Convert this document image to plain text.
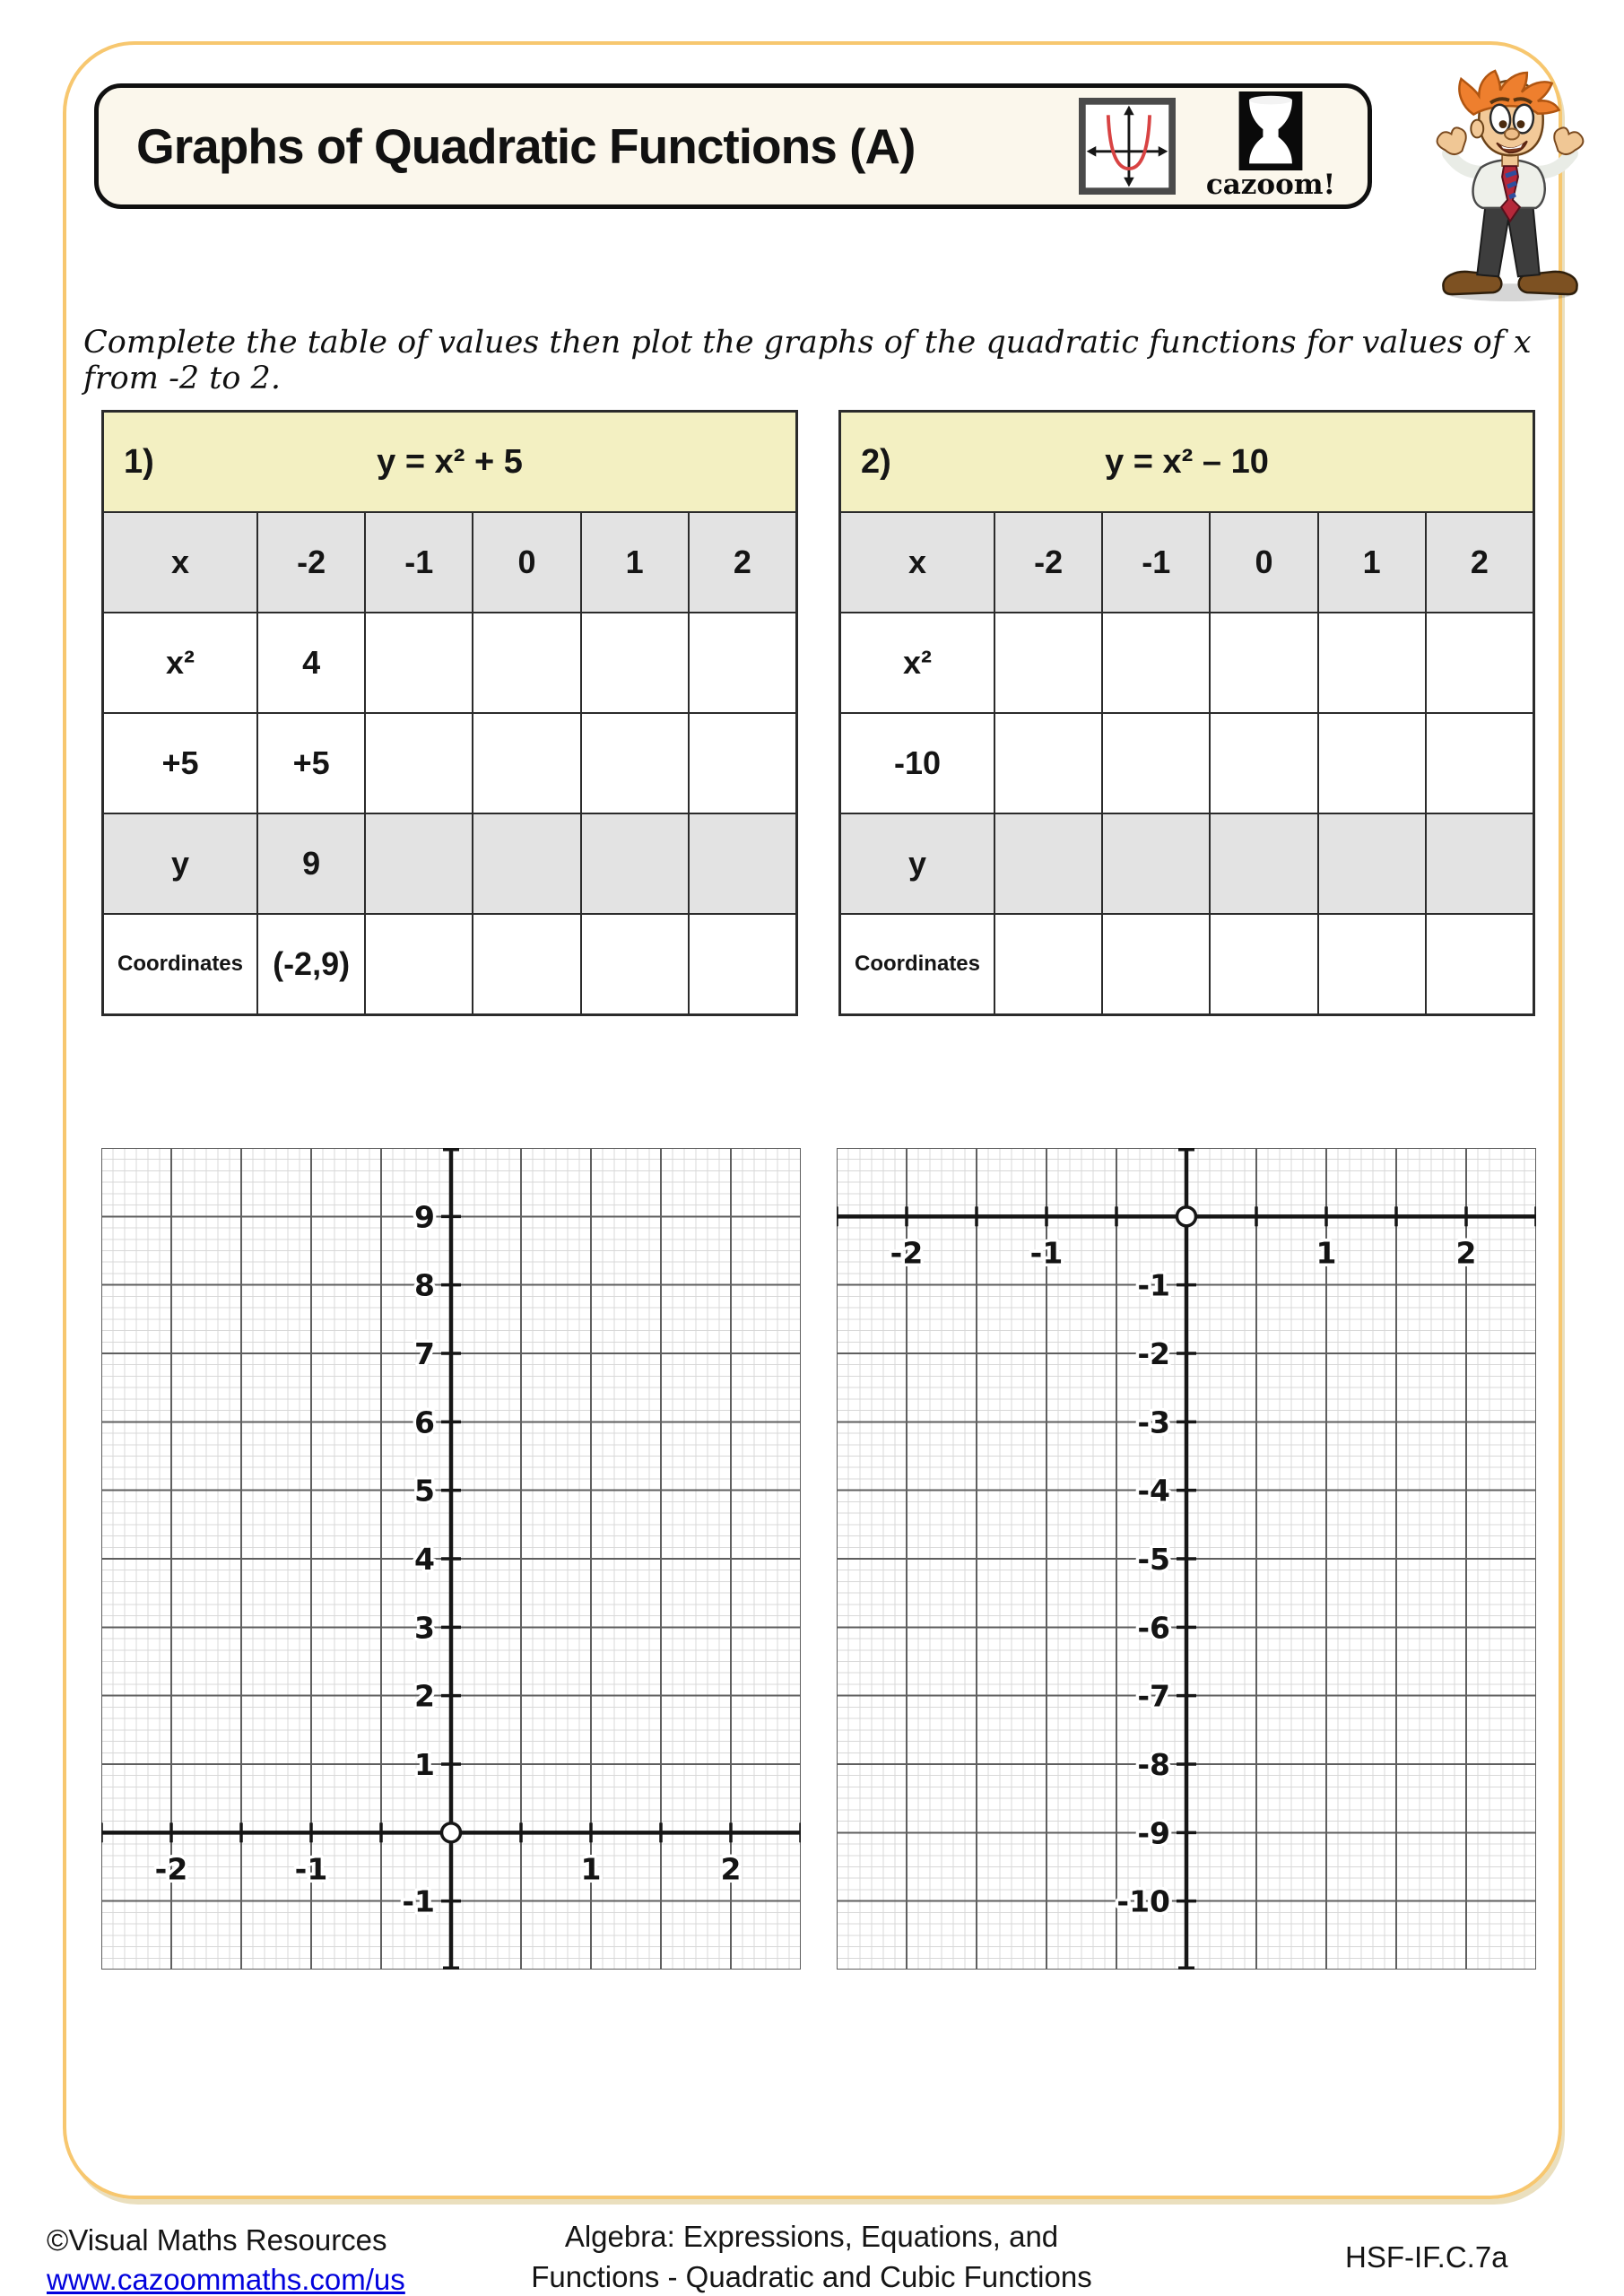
Graphs of Quadratic Functions (A)
cazoom!
Complete the table of values then plot the graphs of the quadratic functions for values of x from -2 to 2.
1)	y = x² + 5
x	-2	-1	0	1	2
x²	4
+5	+5
y	9
Coordinates (-2,9)
2)	y = x² – 10
x	-2	-1	0	1	2
x²
-10
y
Coordinates
-2	-1	1	2
9
8
7
6
5
4
3
2
1
-1
-2	-1	1	2
-1
-2
-3
-4
-5
-6
-7
-8
-9
-10
©Visual Maths Resources
www.cazoommaths.com/us
Algebra: Expressions, Equations, and
Functions - Quadratic and Cubic Functions
HSF-IF.C.7a
